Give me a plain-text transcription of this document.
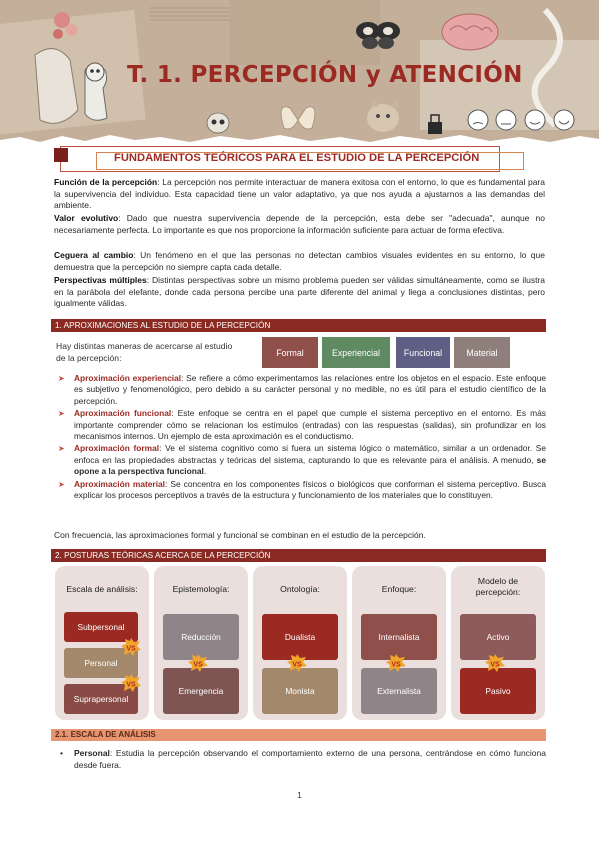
T. 1. PERCEPCIÓN y ATENCIÓN
FUNDAMENTOS TEÓRICOS PARA EL ESTUDIO DE LA PERCEPCIÓN

Función de la percepción: La percepción nos permite interactuar de manera exitosa con el entorno, lo que es fundamental para la supervivencia del individuo. Esta capacidad tiene un valor adaptativo, ya que nos ayuda a ajustarnos a las demandas del ambiente.

Valor evolutivo: Dado que nuestra supervivencia depende de la percepción, esta debe ser "adecuada", aunque no necesariamente perfecta. Lo importante es que nos proporcione la información suficiente para actuar de forma efectiva.

Ceguera al cambio: Un fenómeno en el que las personas no detectan cambios visuales evidentes en su entorno, lo que demuestra que la percepción no siempre capta cada detalle.

Perspectivas múltiples: Distintas perspectivas sobre un mismo problema pueden ser válidas simultáneamente, como se ilustra en la parábola del elefante, donde cada persona percibe una parte diferente del animal y llega a conclusiones distintas, pero igualmente válidas.

1. APROXIMACIONES AL ESTUDIO DE LA PERCEPCIÓN

Hay distintas maneras de acercarse al estudio de la percepción:	Formal	Experiencial	Funcional	Material
➤ Aproximación experiencial: Se refiere a cómo experimentamos las relaciones entre los objetos en el espacio. Este enfoque es subjetivo y fenomenológico, pero debido a su carácter personal y no medible, no es útil para el estudio científico de la percepción.
➤ Aproximación funcional: Este enfoque se centra en el papel que cumple el sistema perceptivo en el entorno. Es más importante comprender cómo se relacionan los estímulos (entradas) con las respuestas (salidas), sin profundizar en los mecanismos internos. Un ejemplo de esta aproximación es el conductismo.
➤ Aproximación formal: Ve el sistema cognitivo como si fuera un sistema lógico o matemático, similar a un ordenador. Se enfoca en las propiedades abstractas y teóricas del sistema, capturando lo que es relevante para el análisis. A menudo, se opone a la perspectiva funcional.
➤ Aproximación material: Se concentra en los componentes físicos o biológicos que conforman el sistema perceptivo. Busca explicar los procesos perceptivos a través de la estructura y funcionamiento de los materiales que lo constituyen.

Con frecuencia, las aproximaciones formal y funcional se combinan en el estudio de la percepción.

2. POSTURAS TEÓRICAS ACERCA DE LA PERCEPCIÓN

Escala de análisis:

Subpersonal
Personal
Suprapersonal
VS
VS

Epistemología:

Reducción
Emergencia
VS

Ontología:

Dualista
Monista
VS

Enfoque:

Internalista
Externalista
VS

Modelo de percepción:

Activo
Pasivo
VS
2.1. ESCALA DE ANÁLISIS
• Personal: Estudia la percepción observando el comportamiento externo de una persona, centrándose en cómo funciona desde fuera.

1
